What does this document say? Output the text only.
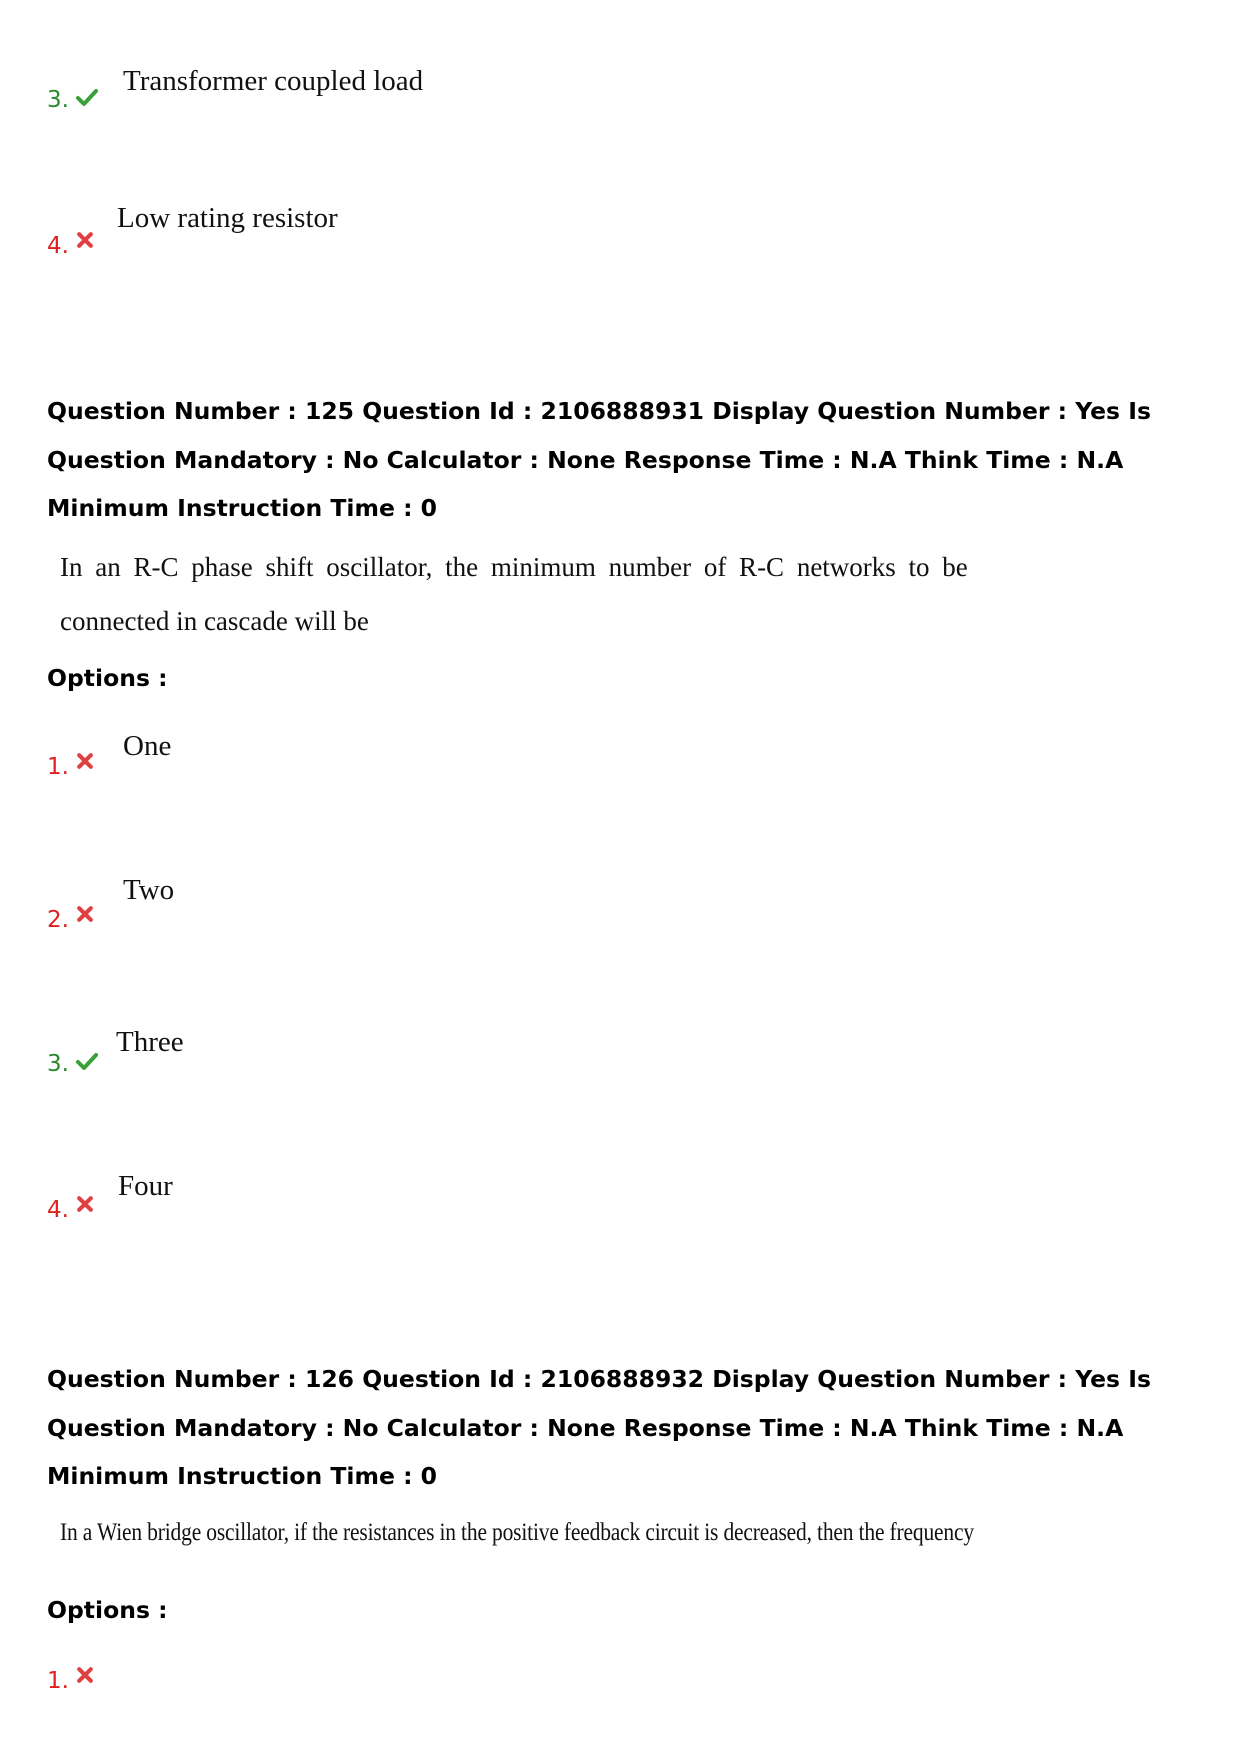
3.
Transformer coupled load
4.
Low rating resistor
Question Number : 125 Question Id : 2106888931 Display Question Number : Yes Is Question Mandatory : No Calculator : None Response Time : N.A Think Time : N.A Minimum Instruction Time : 0
In an R-C phase shift oscillator, the minimum number of R-C networks to be
connected in cascade will be
Options :
1.
One
2.
Two
3.
Three
4.
Four
Question Number : 126 Question Id : 2106888932 Display Question Number : Yes Is Question Mandatory : No Calculator : None Response Time : N.A Think Time : N.A Minimum Instruction Time : 0
In a Wien bridge oscillator, if the resistances in the positive feedback circuit is decreased, then the frequency
Options :
1.
